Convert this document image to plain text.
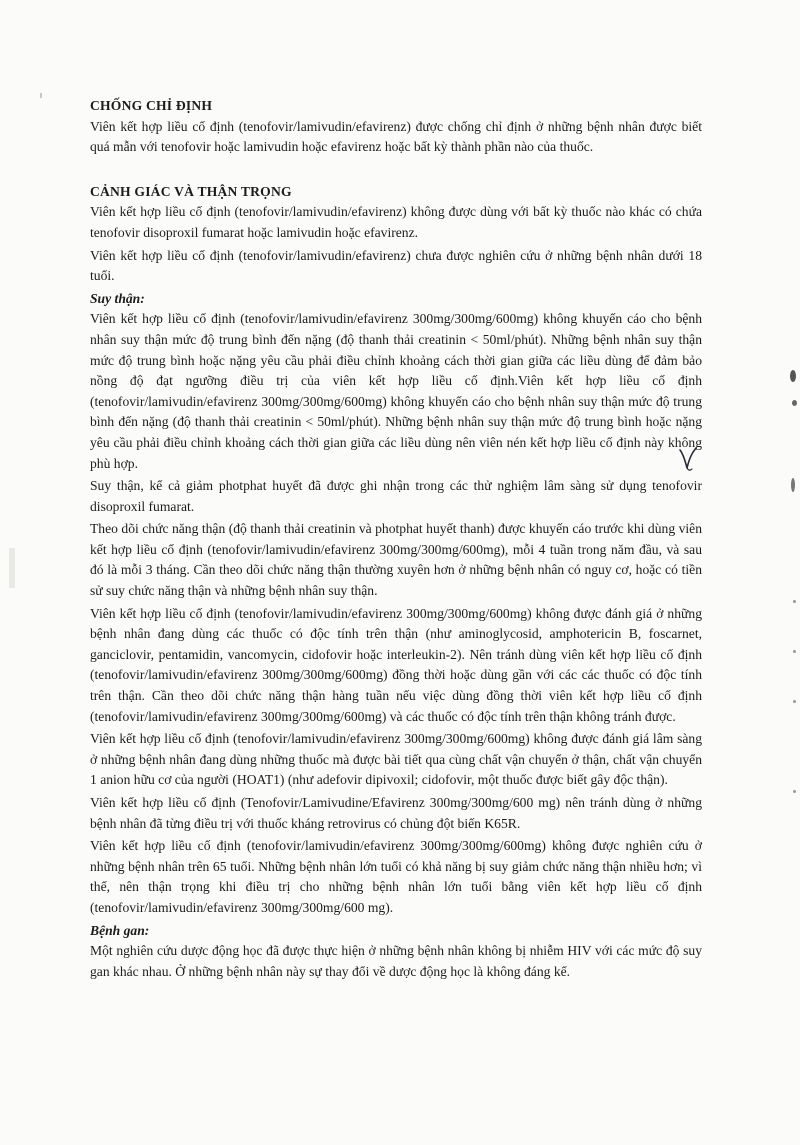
CHỐNG CHỈ ĐỊNH

Viên kết hợp liều cố định (tenofovir/lamivudin/efavirenz) được chống chỉ định ở những bệnh nhân được biết quá mẫn với tenofovir hoặc lamivudin hoặc efavirenz hoặc bất kỳ thành phần nào của thuốc.

CẢNH GIÁC VÀ THẬN TRỌNG

Viên kết hợp liều cố định (tenofovir/lamivudin/efavirenz) không được dùng với bất kỳ thuốc nào khác có chứa tenofovir disoproxil fumarat hoặc lamivudin hoặc efavirenz.

Viên kết hợp liều cố định (tenofovir/lamivudin/efavirenz) chưa được nghiên cứu ở những bệnh nhân dưới 18 tuổi.

Suy thận:

Viên kết hợp liều cố định (tenofovir/lamivudin/efavirenz 300mg/300mg/600mg) không khuyến cáo cho bệnh nhân suy thận mức độ trung bình đến nặng (độ thanh thải creatinin < 50ml/phút). Những bệnh nhân suy thận mức độ trung bình hoặc nặng yêu cầu phải điều chỉnh khoảng cách thời gian giữa các liều dùng để đảm bảo nồng độ đạt ngưỡng điều trị của viên kết hợp liều cố định.Viên kết hợp liều cố định (tenofovir/lamivudin/efavirenz 300mg/300mg/600mg) không khuyến cáo cho bệnh nhân suy thận mức độ trung bình đến nặng (độ thanh thải creatinin < 50ml/phút). Những bệnh nhân suy thận mức độ trung bình hoặc nặng yêu cầu phải điều chỉnh khoảng cách thời gian giữa các liều dùng nên viên nén kết hợp liều cố định này không phù hợp.

Suy thận, kể cả giảm photphat huyết đã được ghi nhận trong các thử nghiệm lâm sàng sử dụng tenofovir disoproxil fumarat.

Theo dõi chức năng thận (độ thanh thải creatinin và photphat huyết thanh) được khuyến cáo trước khi dùng viên kết hợp liều cố định (tenofovir/lamivudin/efavirenz 300mg/300mg/600mg), mỗi 4 tuần trong năm đầu, và sau đó là mỗi 3 tháng. Cần theo dõi chức năng thận thường xuyên hơn ở những bệnh nhân có nguy cơ, hoặc có tiền sử suy chức năng thận và những bệnh nhân suy thận.

Viên kết hợp liều cố định (tenofovir/lamivudin/efavirenz 300mg/300mg/600mg) không được đánh giá ở những bệnh nhân đang dùng các thuốc có độc tính trên thận (như aminoglycosid, amphotericin B, foscarnet, ganciclovir, pentamidin, vancomycin, cidofovir hoặc interleukin-2). Nên tránh dùng viên kết hợp liều cố định (tenofovir/lamivudin/efavirenz 300mg/300mg/600mg) đồng thời hoặc dùng gần với các các thuốc có độc tính trên thận. Cần theo dõi chức năng thận hàng tuần nếu việc dùng đồng thời viên kết hợp liều cố định (tenofovir/lamivudin/efavirenz 300mg/300mg/600mg) và các thuốc có độc tính trên thận không tránh được.

Viên kết hợp liều cố định (tenofovir/lamivudin/efavirenz 300mg/300mg/600mg) không được đánh giá lâm sàng ở những bệnh nhân đang dùng những thuốc mà được bài tiết qua cùng chất vận chuyển ở thận, chất vận chuyển 1 anion hữu cơ của người (HOAT1) (như adefovir dipivoxil; cidofovir, một thuốc được biết gây độc thận).

Viên kết hợp liều cố định (Tenofovir/Lamivudine/Efavirenz 300mg/300mg/600 mg) nên tránh dùng ở những bệnh nhân đã từng điều trị với thuốc kháng retrovirus có chủng đột biến K65R.

Viên kết hợp liều cố định (tenofovir/lamivudin/efavirenz 300mg/300mg/600mg) không được nghiên cứu ở những bệnh nhân trên 65 tuổi. Những bệnh nhân lớn tuổi có khả năng bị suy giảm chức năng thận nhiều hơn; vì thế, nên thận trọng khi điều trị cho những bệnh nhân lớn tuổi bằng viên kết hợp liều cố định (tenofovir/lamivudin/efavirenz 300mg/300mg/600 mg).

Bệnh gan:

Một nghiên cứu dược động học đã được thực hiện ở những bệnh nhân không bị nhiễm HIV với các mức độ suy gan khác nhau. Ở những bệnh nhân này sự thay đổi về dược động học là không đáng kể.
